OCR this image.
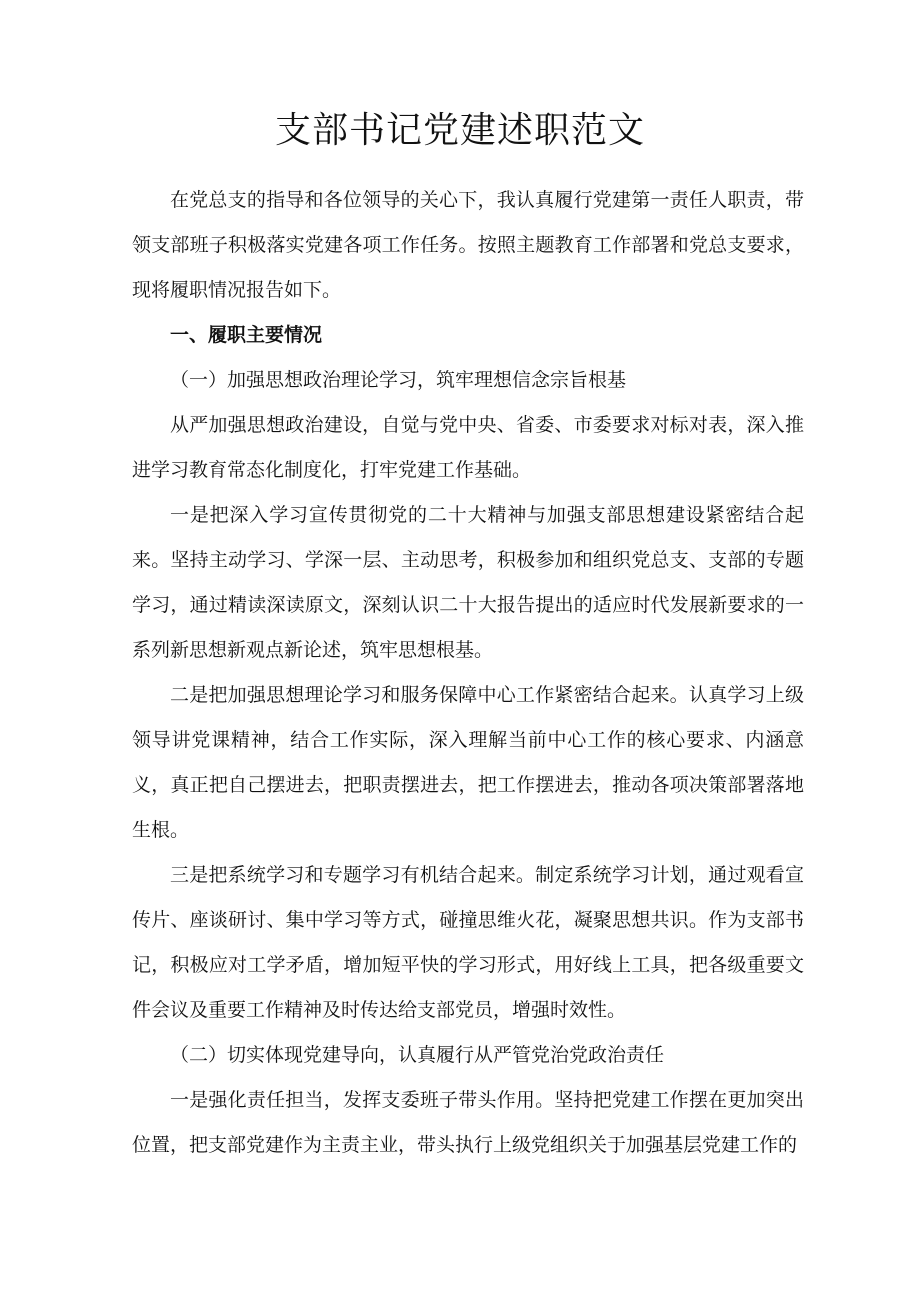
支部书记党建述职范文

在党总支的指导和各位领导的关心下，我认真履行党建第一责任人职责，带领支部班子积极落实党建各项工作任务。按照主题教育工作部署和党总支要求，现将履职情况报告如下。

一、履职主要情况

（一）加强思想政治理论学习，筑牢理想信念宗旨根基

从严加强思想政治建设，自觉与党中央、省委、市委要求对标对表，深入推进学习教育常态化制度化，打牢党建工作基础。

一是把深入学习宣传贯彻党的二十大精神与加强支部思想建设紧密结合起来。坚持主动学习、学深一层、主动思考，积极参加和组织党总支、支部的专题学习，通过精读深读原文，深刻认识二十大报告提出的适应时代发展新要求的一系列新思想新观点新论述，筑牢思想根基。

二是把加强思想理论学习和服务保障中心工作紧密结合起来。认真学习上级领导讲党课精神，结合工作实际，深入理解当前中心工作的核心要求、内涵意义，真正把自己摆进去，把职责摆进去，把工作摆进去，推动各项决策部署落地生根。

三是把系统学习和专题学习有机结合起来。制定系统学习计划，通过观看宣传片、座谈研讨、集中学习等方式，碰撞思维火花，凝聚思想共识。作为支部书记，积极应对工学矛盾，增加短平快的学习形式，用好线上工具，把各级重要文件会议及重要工作精神及时传达给支部党员，增强时效性。

（二）切实体现党建导向，认真履行从严管党治党政治责任

一是强化责任担当，发挥支委班子带头作用。坚持把党建工作摆在更加突出位置，把支部党建作为主责主业，带头执行上级党组织关于加强基层党建工作的
